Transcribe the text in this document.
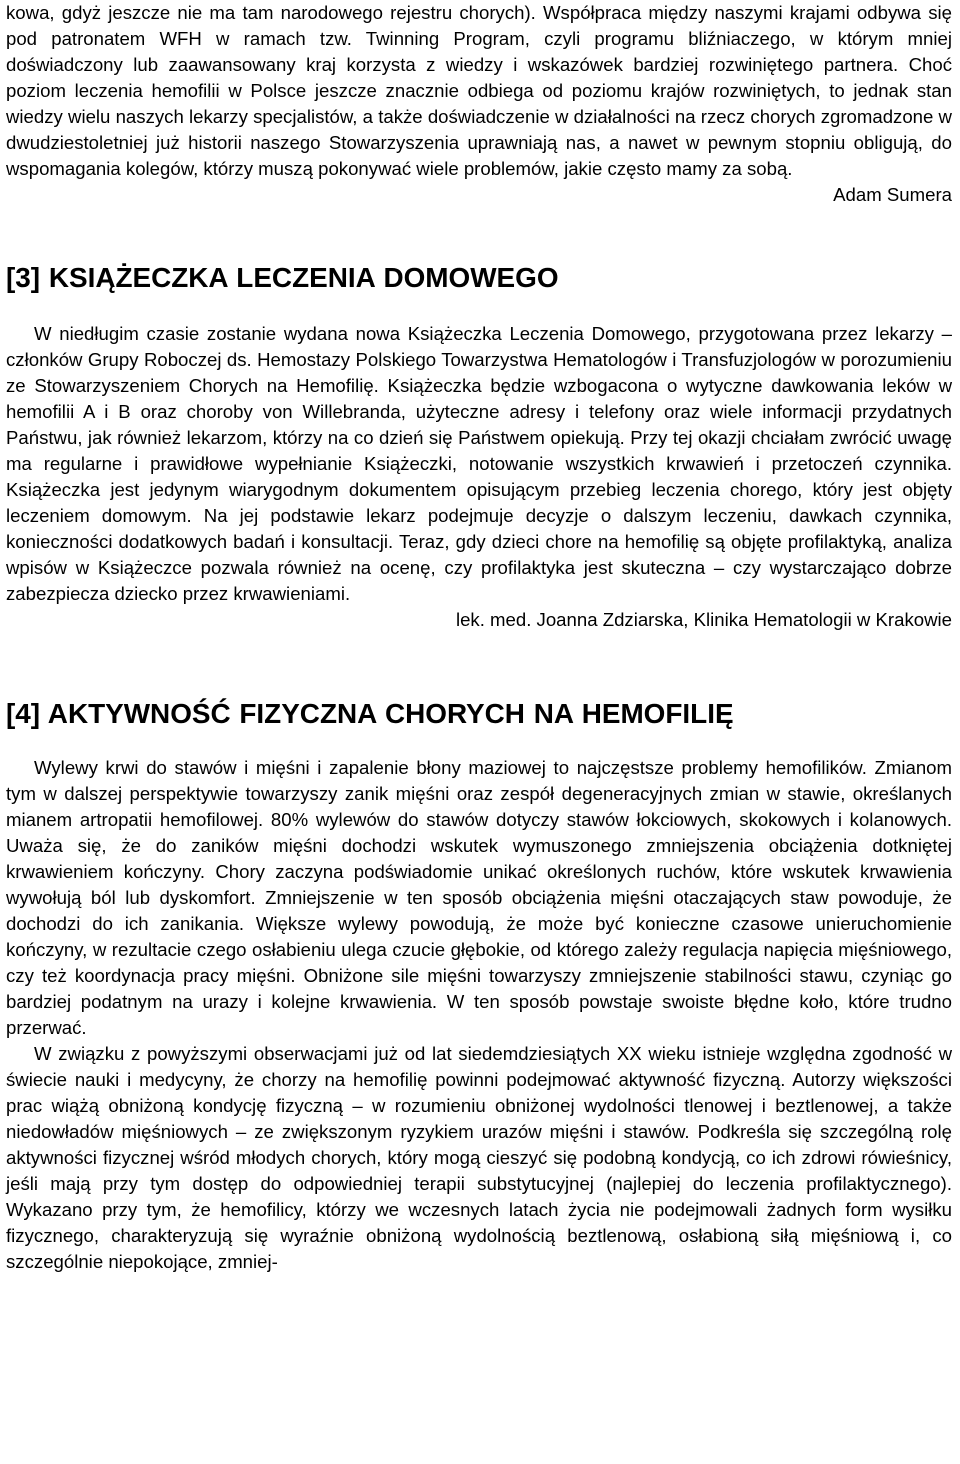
kowa, gdyż jeszcze nie ma tam narodowego rejestru chorych). Współpraca między naszymi krajami odbywa się pod patronatem WFH w ramach tzw. Twinning Program, czyli programu bliźniaczego, w którym mniej doświadczony lub zaawansowany kraj korzysta z wiedzy i wskazówek bardziej rozwiniętego partnera. Choć poziom leczenia hemofilii w Polsce jeszcze znacznie odbiega od poziomu krajów rozwiniętych, to jednak stan wiedzy wielu naszych lekarzy specjalistów, a także doświadczenie w działalności na rzecz chorych zgromadzone w dwudziestoletniej już historii naszego Stowarzyszenia uprawniają nas, a nawet w pewnym stopniu obligują, do wspomagania kolegów, którzy muszą pokonywać wiele problemów, jakie często mamy za sobą.

Adam Sumera

[3] KSIĄŻECZKA LECZENIA DOMOWEGO

W niedługim czasie zostanie wydana nowa Książeczka Leczenia Domowego, przygotowana przez lekarzy – członków Grupy Roboczej ds. Hemostazy Polskiego Towarzystwa Hematologów i Transfuzjologów w porozumieniu ze Stowarzyszeniem Chorych na Hemofilię. Książeczka będzie wzbogacona o wytyczne dawkowania leków w hemofilii A i B oraz choroby von Willebranda, użyteczne adresy i telefony oraz wiele informacji przydatnych Państwu, jak również lekarzom, którzy na co dzień się Państwem opiekują. Przy tej okazji chciałam zwrócić uwagę ma regularne i prawidłowe wypełnianie Książeczki, notowanie wszystkich krwawień i przetoczeń czynnika. Książeczka jest jedynym wiarygodnym dokumentem opisującym przebieg leczenia chorego, który jest objęty leczeniem domowym. Na jej podstawie lekarz podejmuje decyzje o dalszym leczeniu, dawkach czynnika, konieczności dodatkowych badań i konsultacji. Teraz, gdy dzieci chore na hemofilię są objęte profilaktyką, analiza wpisów w Książeczce pozwala również na ocenę, czy profilaktyka jest skuteczna – czy wystarczająco dobrze zabezpiecza dziecko przez krwawieniami.

lek. med. Joanna Zdziarska, Klinika Hematologii w Krakowie

[4] AKTYWNOŚĆ FIZYCZNA CHORYCH NA HEMOFILIĘ

Wylewy krwi do stawów i mięśni i zapalenie błony maziowej to najczęstsze problemy hemofilików. Zmianom tym w dalszej perspektywie towarzyszy zanik mięśni oraz zespół degeneracyjnych zmian w stawie, określanych mianem artropatii hemofilowej. 80% wylewów do stawów dotyczy stawów łokciowych, skokowych i kolanowych. Uważa się, że do zaników mięśni dochodzi wskutek wymuszonego zmniejszenia obciążenia dotkniętej krwawieniem kończyny. Chory zaczyna podświadomie unikać określonych ruchów, które wskutek krwawienia wywołują ból lub dyskomfort. Zmniejszenie w ten sposób obciążenia mięśni otaczających staw powoduje, że dochodzi do ich zanikania. Większe wylewy powodują, że może być konieczne czasowe unieruchomienie kończyny, w rezultacie czego osłabieniu ulega czucie głębokie, od którego zależy regulacja napięcia mięśniowego, czy też koordynacja pracy mięśni. Obniżone sile mięśni towarzyszy zmniejszenie stabilności stawu, czyniąc go bardziej podatnym na urazy i kolejne krwawienia. W ten sposób powstaje swoiste błędne koło, które trudno przerwać.

W związku z powyższymi obserwacjami już od lat siedemdziesiątych XX wieku istnieje względna zgodność w świecie nauki i medycyny, że chorzy na hemofilię powinni podejmować aktywność fizyczną. Autorzy większości prac wiążą obniżoną kondycję fizyczną – w rozumieniu obniżonej wydolności tlenowej i beztlenowej, a także niedowładów mięśniowych – ze zwiększonym ryzykiem urazów mięśni i stawów. Podkreśla się szczególną rolę aktywności fizycznej wśród młodych chorych, który mogą cieszyć się podobną kondycją, co ich zdrowi rówieśnicy, jeśli mają przy tym dostęp do odpowiedniej terapii substytucyjnej (najlepiej do leczenia profilaktycznego). Wykazano przy tym, że hemofilicy, którzy we wczesnych latach życia nie podejmowali żadnych form wysiłku fizycznego, charakteryzują się wyraźnie obniżoną wydolnością beztlenową, osłabioną siłą mięśniową i, co szczególnie niepokojące, zmniej-
